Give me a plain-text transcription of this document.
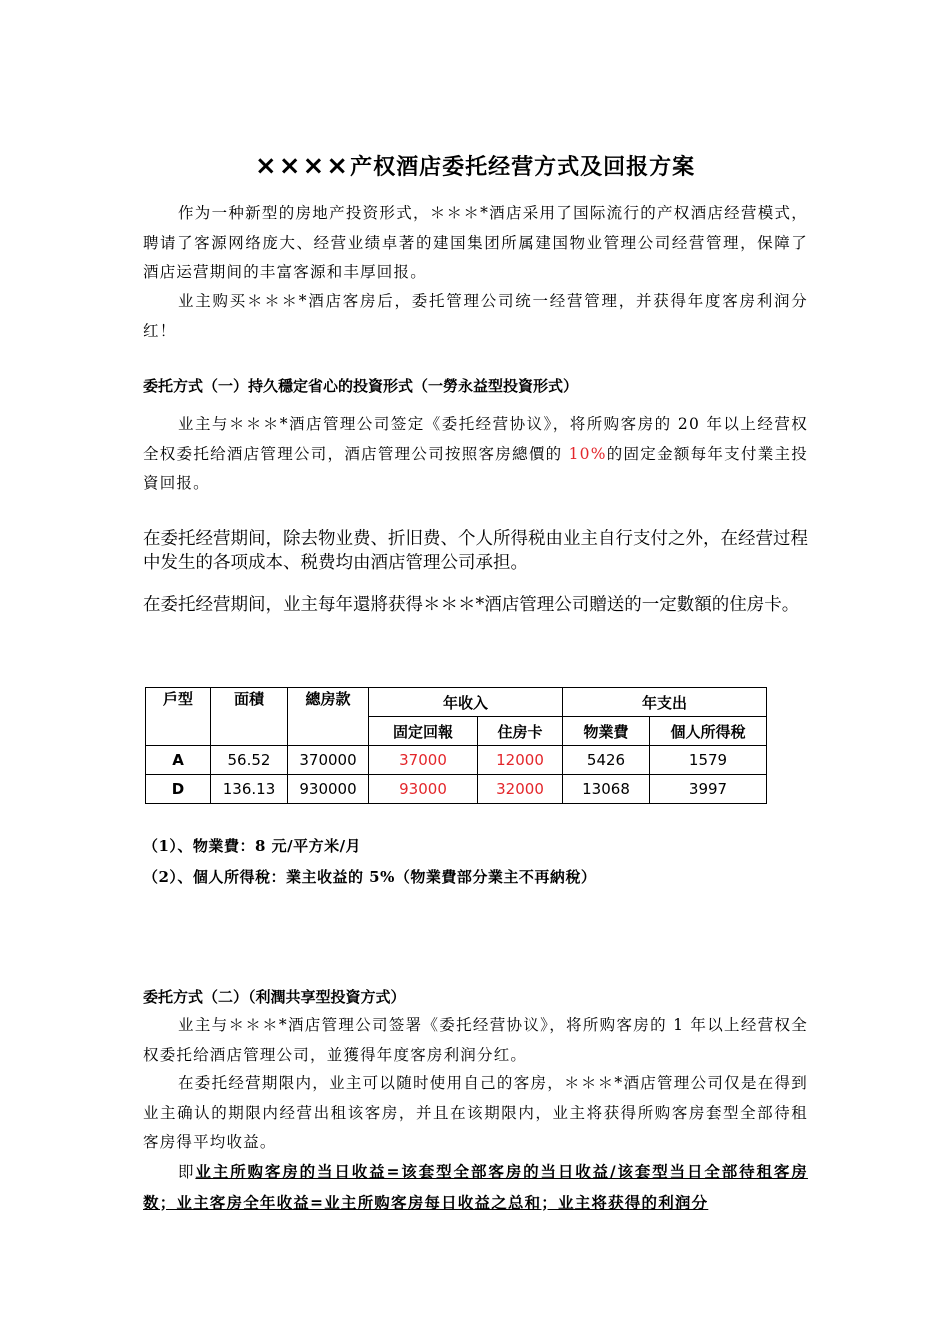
××××产权酒店委托经营方式及回报方案

作为一种新型的房地产投资形式，＊＊＊*酒店采用了国际流行的产权酒店经营模式，聘请了客源网络庞大、经营业绩卓著的建国集团所属建国物业管理公司经营管理，保障了酒店运营期间的丰富客源和丰厚回报。

业主购买＊＊＊*酒店客房后，委托管理公司统一经营管理，并获得年度客房利润分红！

委托方式（一）持久穩定省心的投資形式（一勞永益型投資形式）

业主与＊＊＊*酒店管理公司签定《委托经营协议》，将所购客房的 20 年以上经营权全权委托给酒店管理公司，酒店管理公司按照客房總價的 10%的固定金额每年支付業主投資回报。

在委托经营期间，除去物业费、折旧费、个人所得税由业主自行支付之外，在经营过程中发生的各项成本、税费均由酒店管理公司承担。

在委托经营期间，业主每年還將获得＊＊＊*酒店管理公司贈送的一定數額的住房卡。

戶型	面積	總房款	年收入		年支出	
			固定回報	住房卡	物業費	個人所得稅
A	56.52	370000	37000	12000	5426	1579
D	136.13	930000	93000	32000	13068	3997

（1）、物業費：8 元/平方米/月

（2）、個人所得稅：業主收益的 5%（物業費部分業主不再納稅）

委托方式（二）（利潤共享型投資方式）

业主与＊＊＊*酒店管理公司签署《委托经营协议》，将所购客房的 1 年以上经营权全权委托给酒店管理公司，並獲得年度客房利润分红。

在委托经营期限内，业主可以随时使用自己的客房，＊＊＊*酒店管理公司仅是在得到业主确认的期限内经营出租该客房，并且在该期限内，业主将获得所购客房套型全部待租客房得平均收益。

即业主所购客房的当日收益=该套型全部客房的当日收益/该套型当日全部待租客房数；业主客房全年收益=业主所购客房每日收益之总和；业主将获得的利润分
